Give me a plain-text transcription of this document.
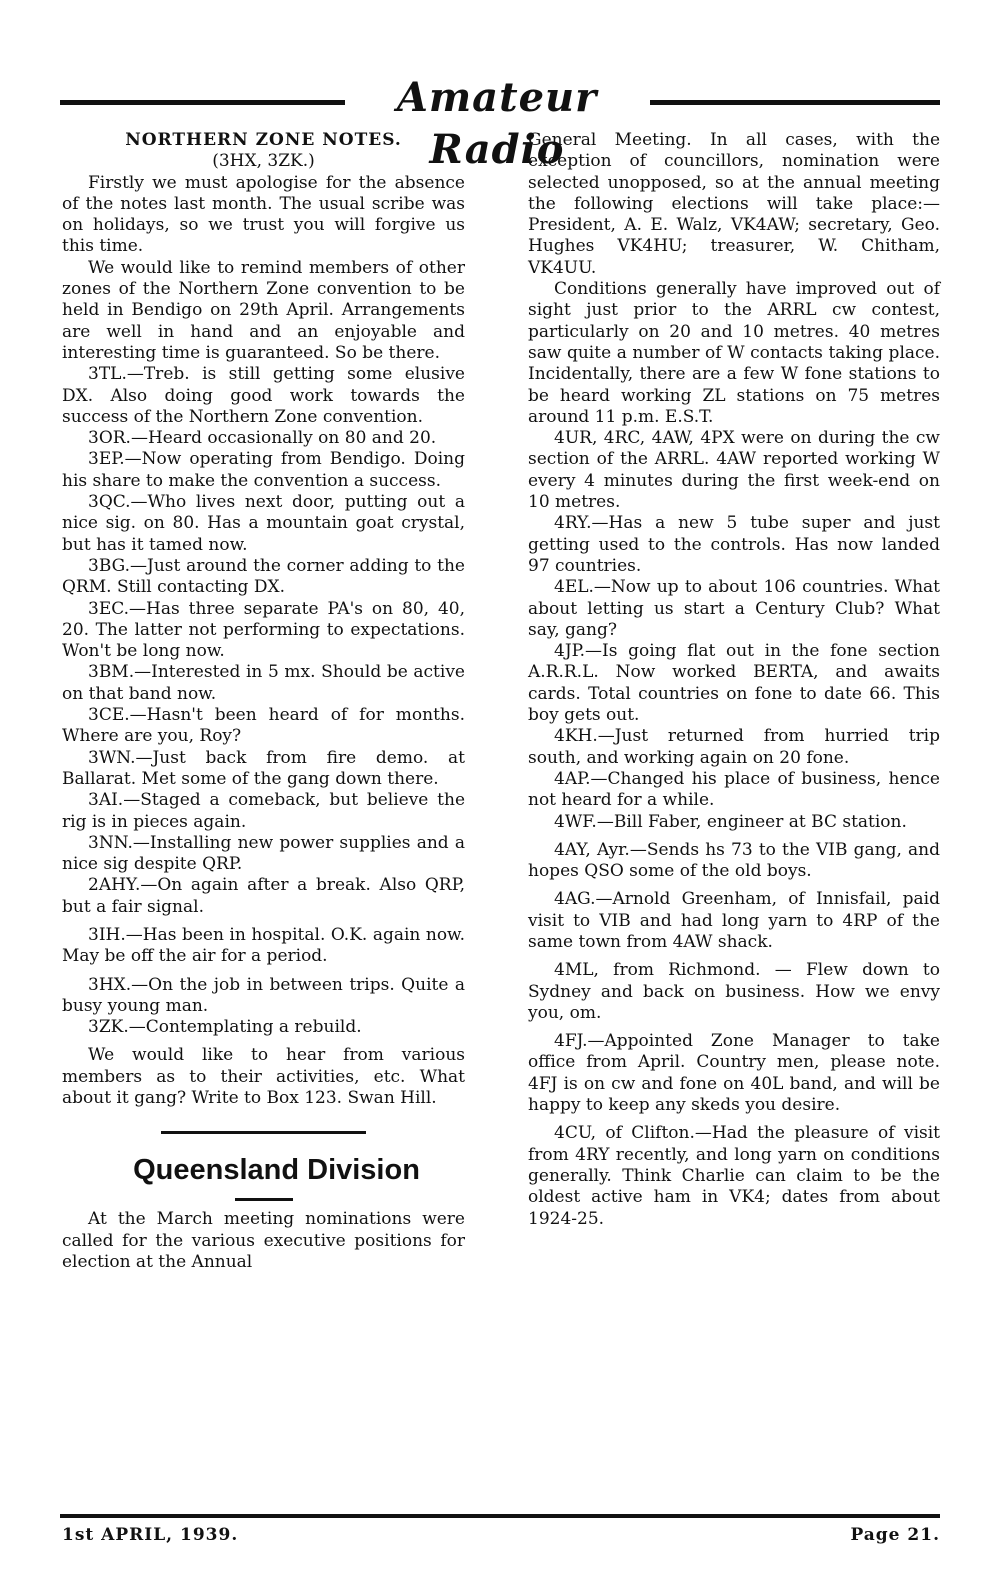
Amateur Radio

NORTHERN ZONE NOTES.

(3HX, 3ZK.)

Firstly we must apologise for the absence of the notes last month. The usual scribe was on holidays, so we trust you will forgive us this time.

We would like to remind members of other zones of the Northern Zone convention to be held in Bendigo on 29th April. Arrangements are well in hand and an enjoyable and interesting time is guaranteed. So be there.

3TL.—Treb. is still getting some elusive DX. Also doing good work towards the success of the Northern Zone convention.

3OR.—Heard occasionally on 80 and 20.

3EP.—Now operating from Bendigo. Doing his share to make the convention a success.

3QC.—Who lives next door, putting out a nice sig. on 80. Has a mountain goat crystal, but has it tamed now.

3BG.—Just around the corner adding to the QRM. Still contacting DX.

3EC.—Has three separate PA's on 80, 40, 20. The latter not performing to expectations. Won't be long now.

3BM.—Interested in 5 mx. Should be active on that band now.

3CE.—Hasn't been heard of for months. Where are you, Roy?

3WN.—Just back from fire demo. at Ballarat. Met some of the gang down there.

3AI.—Staged a comeback, but believe the rig is in pieces again.

3NN.—Installing new power supplies and a nice sig despite QRP.

2AHY.—On again after a break. Also QRP, but a fair signal.

3IH.—Has been in hospital. O.K. again now. May be off the air for a period.

3HX.—On the job in between trips. Quite a busy young man.

3ZK.—Contemplating a rebuild.

We would like to hear from various members as to their activities, etc. What about it gang? Write to Box 123. Swan Hill.

Queensland Division

At the March meeting nominations were called for the various executive positions for election at the Annual

General Meeting. In all cases, with the exception of councillors, nomination were selected unopposed, so at the annual meeting the following elections will take place:—President, A. E. Walz, VK4AW; secretary, Geo. Hughes VK4HU; treasurer, W. Chitham, VK4UU.

Conditions generally have improved out of sight just prior to the ARRL cw contest, particularly on 20 and 10 metres. 40 metres saw quite a number of W contacts taking place. Incidentally, there are a few W fone stations to be heard working ZL stations on 75 metres around 11 p.m. E.S.T.

4UR, 4RC, 4AW, 4PX were on during the cw section of the ARRL. 4AW reported working W every 4 minutes during the first week-end on 10 metres.

4RY.—Has a new 5 tube super and just getting used to the controls. Has now landed 97 countries.

4EL.—Now up to about 106 countries. What about letting us start a Century Club? What say, gang?

4JP.—Is going flat out in the fone section A.R.R.L. Now worked BERTA, and awaits cards. Total countries on fone to date 66. This boy gets out.

4KH.—Just returned from hurried trip south, and working again on 20 fone.

4AP.—Changed his place of business, hence not heard for a while.

4WF.—Bill Faber, engineer at BC station.

4AY, Ayr.—Sends hs 73 to the VIB gang, and hopes QSO some of the old boys.

4AG.—Arnold Greenham, of Innisfail, paid visit to VIB and had long yarn to 4RP of the same town from 4AW shack.

4ML, from Richmond. — Flew down to Sydney and back on business. How we envy you, om.

4FJ.—Appointed Zone Manager to take office from April. Country men, please note. 4FJ is on cw and fone on 40L band, and will be happy to keep any skeds you desire.

4CU, of Clifton.—Had the pleasure of visit from 4RY recently, and long yarn on conditions generally. Think Charlie can claim to be the oldest active ham in VK4; dates from about 1924-25.

1st APRIL, 1939.	Page 21.
